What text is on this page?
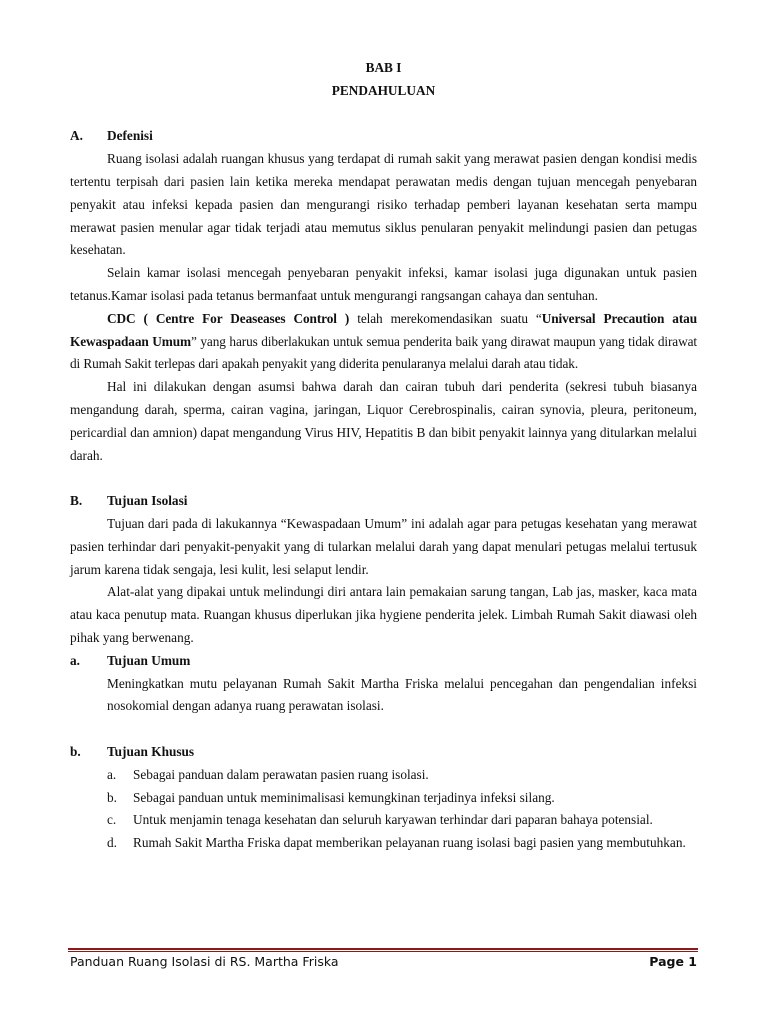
BAB I

PENDAHULUAN

A.	Defenisi

Ruang isolasi adalah ruangan khusus yang terdapat di rumah sakit yang merawat pasien dengan kondisi medis tertentu terpisah dari pasien lain ketika mereka mendapat perawatan medis dengan tujuan mencegah penyebaran penyakit atau infeksi kepada pasien dan mengurangi risiko terhadap pemberi layanan kesehatan serta mampu merawat pasien menular agar tidak terjadi atau memutus siklus penularan penyakit melindungi pasien dan petugas kesehatan.

Selain kamar isolasi mencegah penyebaran penyakit infeksi, kamar isolasi juga digunakan untuk pasien tetanus.Kamar isolasi pada tetanus bermanfaat untuk mengurangi rangsangan cahaya dan sentuhan.

CDC ( Centre For Deaseases Control ) telah merekomendasikan suatu “Universal Precaution atau Kewaspadaan Umum” yang harus diberlakukan untuk semua penderita baik yang dirawat maupun yang tidak dirawat di Rumah Sakit terlepas dari apakah penyakit yang diderita penularanya melalui darah atau tidak.

Hal ini dilakukan dengan asumsi bahwa darah dan cairan tubuh dari penderita (sekresi tubuh biasanya mengandung darah, sperma, cairan vagina, jaringan, Liquor Cerebrospinalis, cairan synovia, pleura, peritoneum, pericardial dan amnion) dapat mengandung Virus HIV, Hepatitis B dan bibit penyakit lainnya yang ditularkan melalui darah.

B.	Tujuan Isolasi

Tujuan dari pada di lakukannya “Kewaspadaan Umum” ini adalah agar para petugas kesehatan yang merawat pasien terhindar dari penyakit-penyakit yang di tularkan melalui darah yang dapat menulari petugas melalui tertusuk jarum karena tidak sengaja, lesi kulit, lesi selaput lendir.

Alat-alat yang dipakai untuk melindungi diri antara lain pemakaian sarung tangan, Lab jas, masker, kaca mata atau kaca penutup mata. Ruangan khusus diperlukan jika hygiene penderita jelek. Limbah Rumah Sakit diawasi oleh pihak yang berwenang.

a.	Tujuan Umum

Meningkatkan mutu pelayanan Rumah Sakit Martha Friska melalui pencegahan dan pengendalian infeksi nosokomial dengan adanya ruang perawatan isolasi.

b.	Tujuan Khusus
a.	Sebagai panduan dalam perawatan pasien ruang isolasi.
b.	Sebagai panduan untuk meminimalisasi kemungkinan terjadinya infeksi silang.
c.	Untuk menjamin tenaga kesehatan dan seluruh karyawan terhindar dari paparan bahaya potensial.
d.	Rumah Sakit Martha Friska dapat memberikan pelayanan ruang isolasi bagi pasien yang membutuhkan.
Panduan Ruang Isolasi di RS. Martha Friska	Page 1
